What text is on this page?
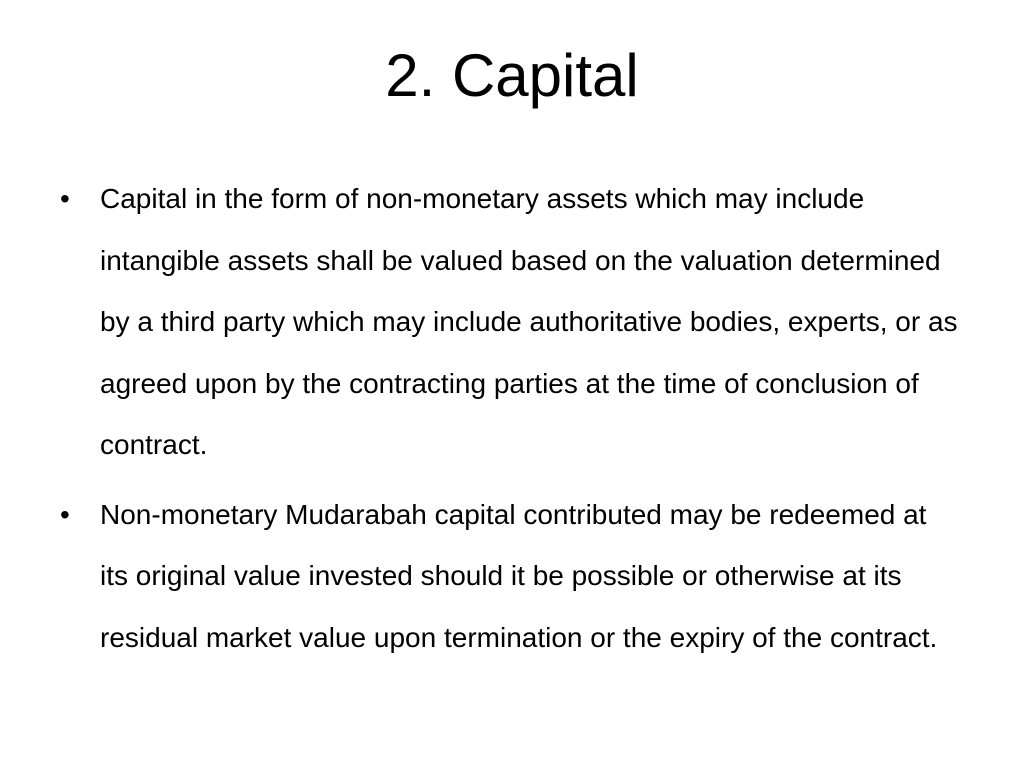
2. Capital
•	Capital in the form of non-monetary assets which may include intangible assets shall be valued based on the valuation determined by a third party which may include authoritative bodies, experts, or as agreed upon by the contracting parties at the time of conclusion of contract.
•	Non-monetary Mudarabah capital contributed may be redeemed at its original value invested should it be possible or otherwise at its residual market value upon termination or the expiry of the contract.
